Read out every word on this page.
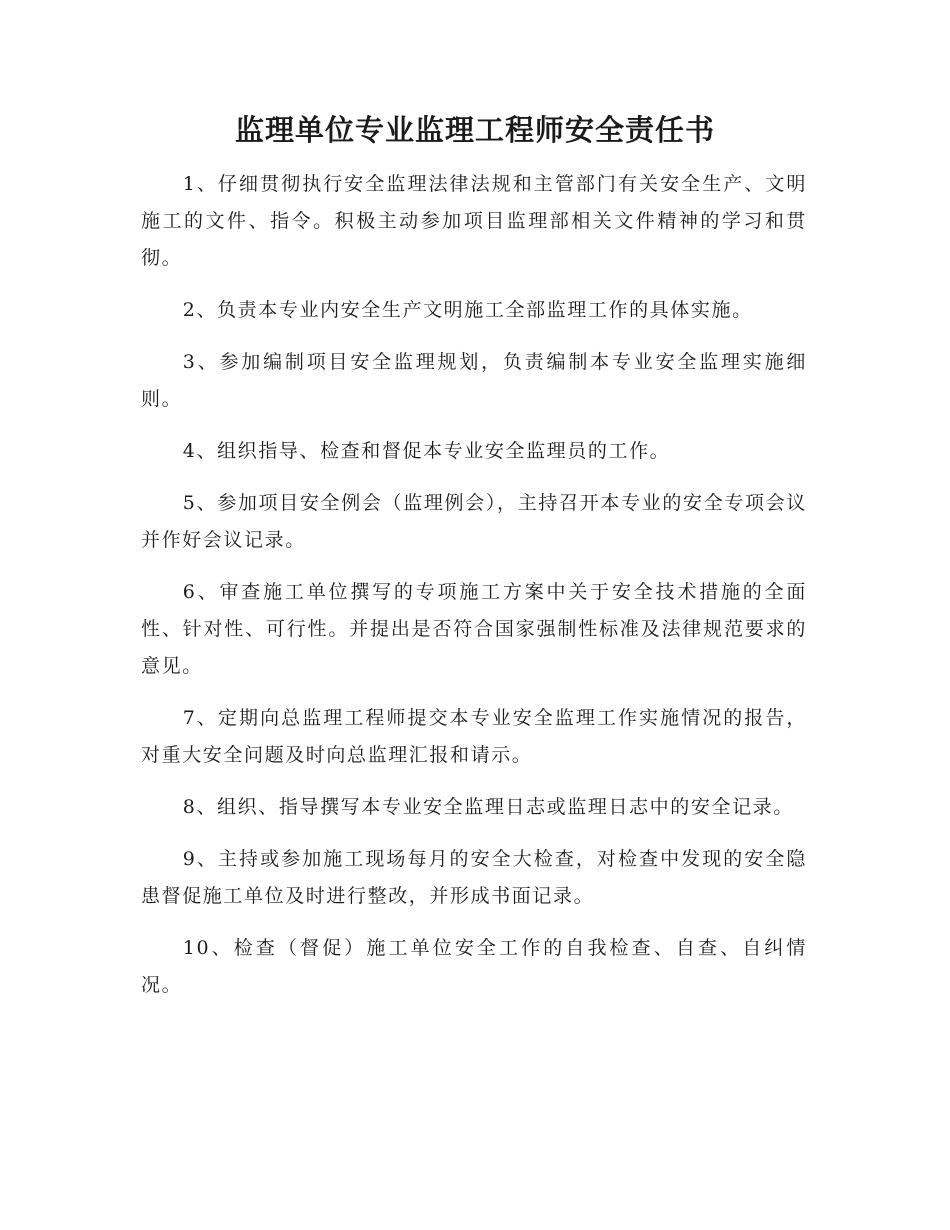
监理单位专业监理工程师安全责任书

1、仔细贯彻执行安全监理法律法规和主管部门有关安全生产、文明施工的文件、指令。积极主动参加项目监理部相关文件精神的学习和贯彻。

2、负责本专业内安全生产文明施工全部监理工作的具体实施。

3、参加编制项目安全监理规划，负责编制本专业安全监理实施细则。

4、组织指导、检查和督促本专业安全监理员的工作。

5、参加项目安全例会（监理例会），主持召开本专业的安全专项会议并作好会议记录。

6、审查施工单位撰写的专项施工方案中关于安全技术措施的全面性、针对性、可行性。并提出是否符合国家强制性标准及法律规范要求的意见。

7、定期向总监理工程师提交本专业安全监理工作实施情况的报告，对重大安全问题及时向总监理汇报和请示。

8、组织、指导撰写本专业安全监理日志或监理日志中的安全记录。

9、主持或参加施工现场每月的安全大检查，对检查中发现的安全隐患督促施工单位及时进行整改，并形成书面记录。

10、检查（督促）施工单位安全工作的自我检查、自查、自纠情况。
